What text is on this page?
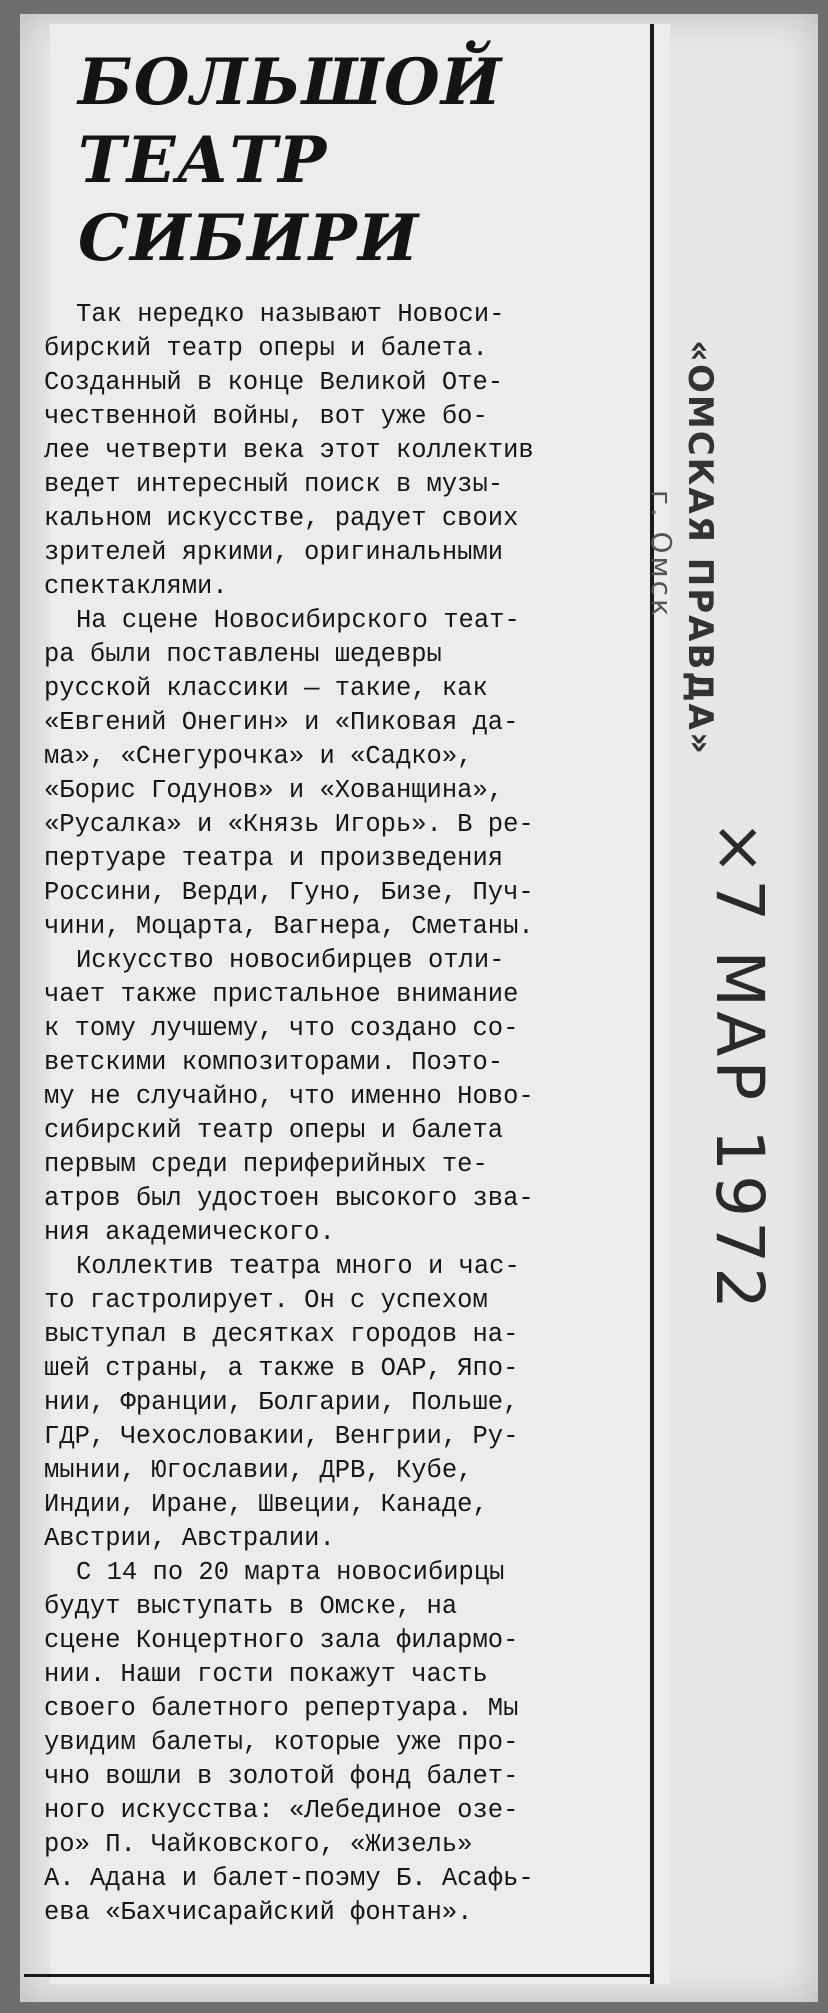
БОЛЬШОЙ
ТЕАТР
СИБИРИ

Так нередко называют Новоси-
бирский театр оперы и балета.
Созданный в конце Великой Оте-
чественной войны, вот уже бо-
лее четверти века этот коллектив
ведет интересный поиск в музы-
кальном искусстве, радует своих
зрителей яркими, оригинальными
спектаклями.

На сцене Новосибирского теат-
ра были поставлены шедевры
русской классики — такие, как
«Евгений Онегин» и «Пиковая да-
ма», «Снегурочка» и «Садко»,
«Борис Годунов» и «Хованщина»,
«Русалка» и «Князь Игорь». В ре-
пертуаре театра и произведения
Россини, Верди, Гуно, Бизе, Пуч-
чини, Моцарта, Вагнера, Сметаны.

Искусство новосибирцев отли-
чает также пристальное внимание
к тому лучшему, что создано со-
ветскими композиторами. Поэто-
му не случайно, что именно Ново-
сибирский театр оперы и балета
первым среди периферийных те-
атров был удостоен высокого зва-
ния академического.

Коллектив театра много и час-
то гастролирует. Он с успехом
выступал в десятках городов на-
шей страны, а также в ОАР, Япо-
нии, Франции, Болгарии, Польше,
ГДР, Чехословакии, Венгрии, Ру-
мынии, Югославии, ДРВ, Кубе,
Индии, Иране, Швеции, Канаде,
Австрии, Австралии.

С 14 по 20 марта новосибирцы
будут выступать в Омске, на
сцене Концертного зала филармо-
нии. Наши гости покажут часть
своего балетного репертуара. Мы
увидим балеты, которые уже про-
чно вошли в золотой фонд балет-
ного искусства: «Лебединое озе-
ро» П. Чайковского, «Жизель»
А. Адана и балет-поэму Б. Асафь-
ева «Бахчисарайский фонтан».

«ОМСКАЯ ПРАВДА»
г. Омск
×7 МАР 1972
